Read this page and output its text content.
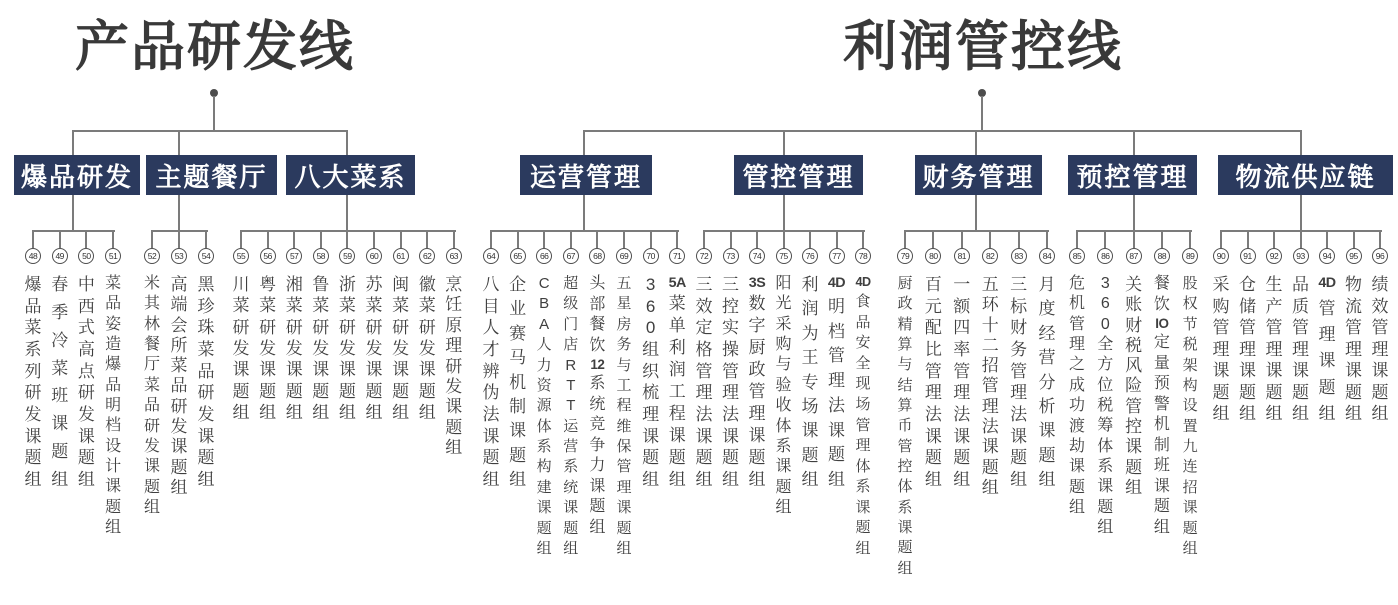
产品研发线	利润管控线
爆品研发
48
爆
品
菜
系
列
研
发
课
题
组
49
春
季
冷
菜
班
课
题
组
50
中
西
式
高
点
研
发
课
题
组
51
菜
品
姿
造
爆
品
明
档
设
计
课
题
组
主题餐厅
52
米
其
林
餐
厅
菜
品
研
发
课
题
组
53
高
端
会
所
菜
品
研
发
课
题
组
54
黑
珍
珠
菜
品
研
发
课
题
组
八大菜系
55
川
菜
研
发
课
题
组
56
粤
菜
研
发
课
题
组
57
湘
菜
研
发
课
题
组
58
鲁
菜
研
发
课
题
组
59
浙
菜
研
发
课
题
组
60
苏
菜
研
发
课
题
组
61
闽
菜
研
发
课
题
组
62
徽
菜
研
发
课
题
组
63
烹
饪
原
理
研
发
课
题
组
运营管理
64
八
目
人
才
辨
伪
法
课
题
组
65
企
业
赛
马
机
制
课
题
组
66
C
B
A
人
力
资
源
体
系
构
建
课
题
组
67
超
级
门
店
R
T
T
运
营
系
统
课
题
组
68
头
部
餐
饮
12
系
统
竞
争
力
课
题
组
69
五
星
房
务
与
工
程
维
保
管
理
课
题
组
70
3
6
0
组
织
梳
理
课
题
组
71
5A
菜
单
利
润
工
程
课
题
组
管控管理
72
三
效
定
格
管
理
法
课
题
组
73
三
控
实
操
管
理
法
课
题
组
74
3S
数
字
厨
政
管
理
课
题
组
75
阳
光
采
购
与
验
收
体
系
课
题
组
76
利
润
为
王
专
场
课
题
组
77
4D
明
档
管
理
法
课
题
组
78
4D
食
品
安
全
现
场
管
理
体
系
课
题
组
财务管理
79
厨
政
精
算
与
结
算
币
管
控
体
系
课
题
组
80
百
元
配
比
管
理
法
课
题
组
81
一
额
四
率
管
理
法
课
题
组
82
五
环
十
二
招
管
理
法
课
题
组
83
三
标
财
务
管
理
法
课
题
组
84
月
度
经
营
分
析
课
题
组
预控管理
85
危
机
管
理
之
成
功
渡
劫
课
题
组
86
3
6
0
全
方
位
税
筹
体
系
课
题
组
87
关
账
财
税
风
险
管
控
课
题
组
88
餐
饮
IO
定
量
预
警
机
制
班
课
题
组
89
股
权
节
税
架
构
设
置
九
连
招
课
题
组
物流供应链
90
采
购
管
理
课
题
组
91
仓
储
管
理
课
题
组
92
生
产
管
理
课
题
组
93
品
质
管
理
课
题
组
94
4D
管
理
课
题
组
95
物
流
管
理
课
题
组
96
绩
效
管
理
课
题
组
